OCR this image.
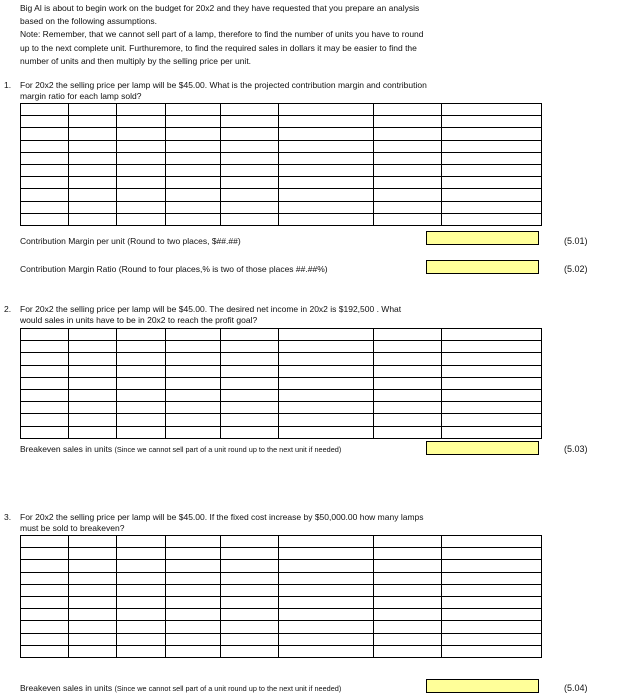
Big Al is about to begin work on the budget for 20x2 and they have requested that you prepare an analysis
based on the following assumptions.
Note: Remember, that we cannot sell part of a lamp, therefore to find the number of units you have to round
up to the next complete unit. Furthuremore, to find the required sales in dollars it may be easier to find the
number of units and then multiply by the selling price per unit.
1. For 20x2 the selling price per lamp will be $45.00. What is the projected contribution margin and contribution
margin ratio for each lamp sold?

Contribution Margin per unit (Round to two places, $##.##)	(5.01)
Contribution Margin Ratio (Round to four places,% is two of those places ##.##%)	(5.02)
2. For 20x2 the selling price per lamp will be $45.00. The desired net income in 20x2 is $192,500 . What
would sales in units have to be in 20x2 to reach the profit goal?

Breakeven sales in units (Since we cannot sell part of a unit round up to the next unit if needed)	(5.03)
3. For 20x2 the selling price per lamp will be $45.00. If the fixed cost increase by $50,000.00 how many lamps
must be sold to breakeven?

Breakeven sales in units (Since we cannot sell part of a unit round up to the next unit if needed)	(5.04)
